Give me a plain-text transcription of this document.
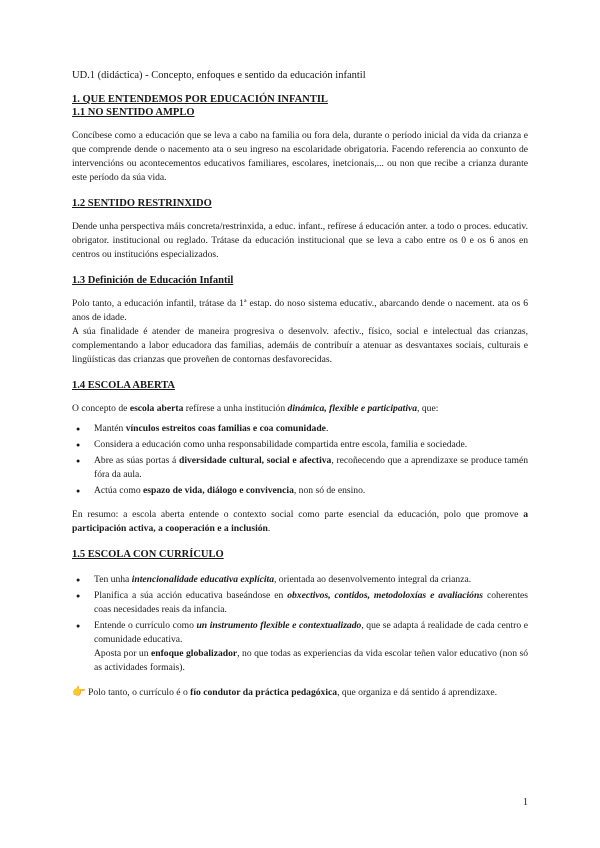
UD.1 (didáctica) - Concepto, enfoques e sentido da educación infantil
1. QUE ENTENDEMOS POR EDUCACIÓN INFANTIL
1.1 NO SENTIDO AMPLO

Concíbese como a educación que se leva a cabo na familia ou fora dela, durante o período inicial da vida da crianza e que comprende dende o nacemento ata o seu ingreso na escolaridade obrigatoria. Facendo referencia ao conxunto de intervencións ou acontecementos educativos familiares, escolares, inetcionais,... ou non que recibe a crianza durante este período da súa vida.

1.2 SENTIDO RESTRINXIDO

Dende unha perspectiva máis concreta/restrinxida, a educ. infant., refírese á educación anter. a todo o proces. educativ. obrigator. institucional ou reglado. Trátase da educación institucional que se leva a cabo entre os 0 e os 6 anos en centros ou institucións especializados.

1.3 Definición de Educación Infantil

Polo tanto, a educación infantil, trátase da 1ª estap. do noso sistema educativ., abarcando dende o nacement. ata os 6 anos de idade.

A súa finalidade é atender de maneira progresiva o desenvolv. afectiv., físico, social e intelectual das crianzas, complementando a labor educadora das familias, ademáis de contribuír a atenuar as desvantaxes sociais, culturais e lingüísticas das crianzas que proveñen de contornas desfavorecidas.

1.4 ESCOLA ABERTA

O concepto de escola aberta refírese a unha institución dinámica, flexible e participativa, que:

● Mantén vínculos estreitos coas familias e coa comunidade.
● Considera a educación como unha responsabilidade compartida entre escola, familia e sociedade.
● Abre as súas portas á diversidade cultural, social e afectiva, recoñecendo que a aprendizaxe se produce tamén fóra da aula.
● Actúa como espazo de vida, diálogo e convivencia, non só de ensino.

En resumo: a escola aberta entende o contexto social como parte esencial da educación, polo que promove a participación activa, a cooperación e a inclusión.

1.5 ESCOLA CON CURRÍCULO
● Ten unha intencionalidade educativa explícita, orientada ao desenvolvemento integral da crianza.
● Planifica a súa acción educativa baseándose en obxectivos, contidos, metodoloxías e avaliacións coherentes coas necesidades reais da infancia.
● Entende o currículo como un instrumento flexible e contextualizado, que se adapta á realidade de cada centro e comunidade educativa.
Aposta por un enfoque globalizador, no que todas as experiencias da vida escolar teñen valor educativo (non só as actividades formais).

👉 Polo tanto, o currículo é o fío condutor da práctica pedagóxica, que organiza e dá sentido á aprendizaxe.

1
